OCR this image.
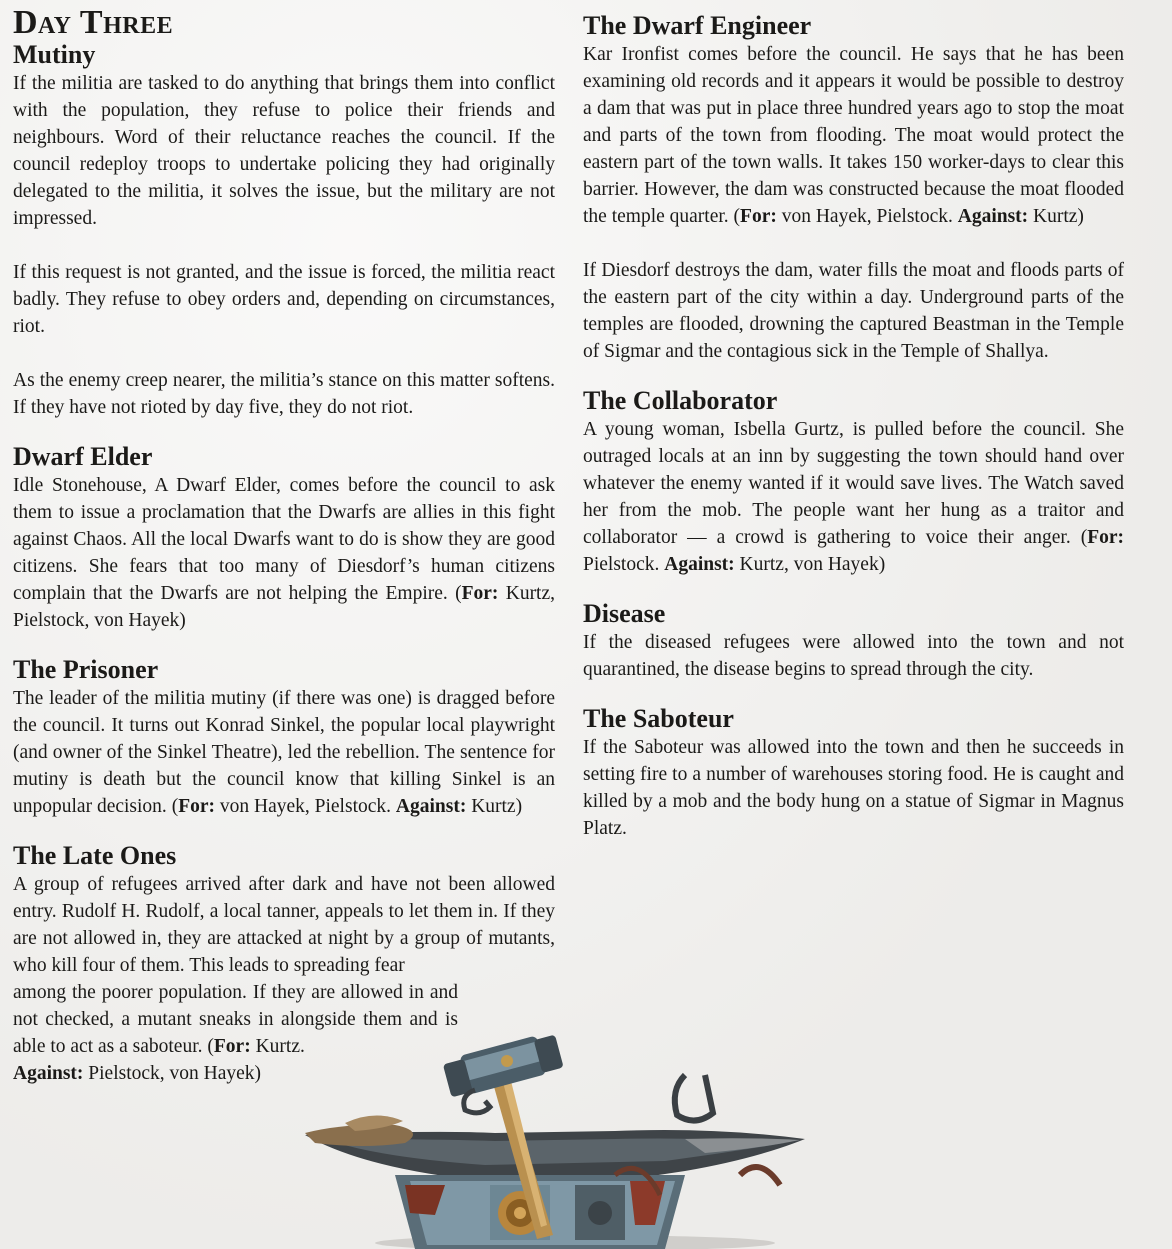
Day Three
Mutiny

If the militia are tasked to do anything that brings them into conflict with the population, they refuse to police their friends and neighbours. Word of their reluctance reaches the council. If the council redeploy troops to undertake policing they had originally delegated to the militia, it solves the issue, but the military are not impressed.

If this request is not granted, and the issue is forced, the militia react badly. They refuse to obey orders and, depending on circumstances, riot.

As the enemy creep nearer, the militia’s stance on this matter softens. If they have not rioted by day five, they do not riot.

Dwarf Elder

Idle Stonehouse, A Dwarf Elder, comes before the council to ask them to issue a proclamation that the Dwarfs are allies in this fight against Chaos. All the local Dwarfs want to do is show they are good citizens. She fears that too many of Diesdorf’s human citizens complain that the Dwarfs are not helping the Empire. (For: Kurtz, Pielstock, von Hayek)

The Prisoner

The leader of the militia mutiny (if there was one) is dragged before the council. It turns out Konrad Sinkel, the popular local playwright (and owner of the Sinkel Theatre), led the rebellion. The sentence for mutiny is death but the council know that killing Sinkel is an unpopular decision. (For: von Hayek, Pielstock. Against: Kurtz)

The Late Ones

A group of refugees arrived after dark and have not been allowed entry. Rudolf H. Rudolf, a local tanner, appeals to let them in. If they are not allowed in, they are attacked at night by a group of mutants, who kill four of them. This leads to spreading fear

among the poorer population. If they are allowed in and not checked, a mutant sneaks in alongside them and is able to act as a saboteur. (For: Kurtz.
Against: Pielstock, von Hayek)

The Dwarf Engineer

Kar Ironfist comes before the council. He says that he has been examining old records and it appears it would be possible to destroy a dam that was put in place three hundred years ago to stop the moat and parts of the town from flooding. The moat would protect the eastern part of the town walls. It takes 150 worker-days to clear this barrier. However, the dam was constructed because the moat flooded the temple quarter. (For: von Hayek, Pielstock. Against: Kurtz)

If Diesdorf destroys the dam, water fills the moat and floods parts of the eastern part of the city within a day. Underground parts of the temples are flooded, drowning the captured Beastman in the Temple of Sigmar and the contagious sick in the Temple of Shallya.

The Collaborator

A young woman, Isbella Gurtz, is pulled before the council. She outraged locals at an inn by suggesting the town should hand over whatever the enemy wanted if it would save lives. The Watch saved her from the mob. The people want her hung as a traitor and collaborator — a crowd is gathering to voice their anger. (For: Pielstock. Against: Kurtz, von Hayek)

Disease

If the diseased refugees were allowed into the town and not quarantined, the disease begins to spread through the city.

The Saboteur

If the Saboteur was allowed into the town and then he succeeds in setting fire to a number of warehouses storing food. He is caught and killed by a mob and the body hung on a statue of Sigmar in Magnus Platz.
